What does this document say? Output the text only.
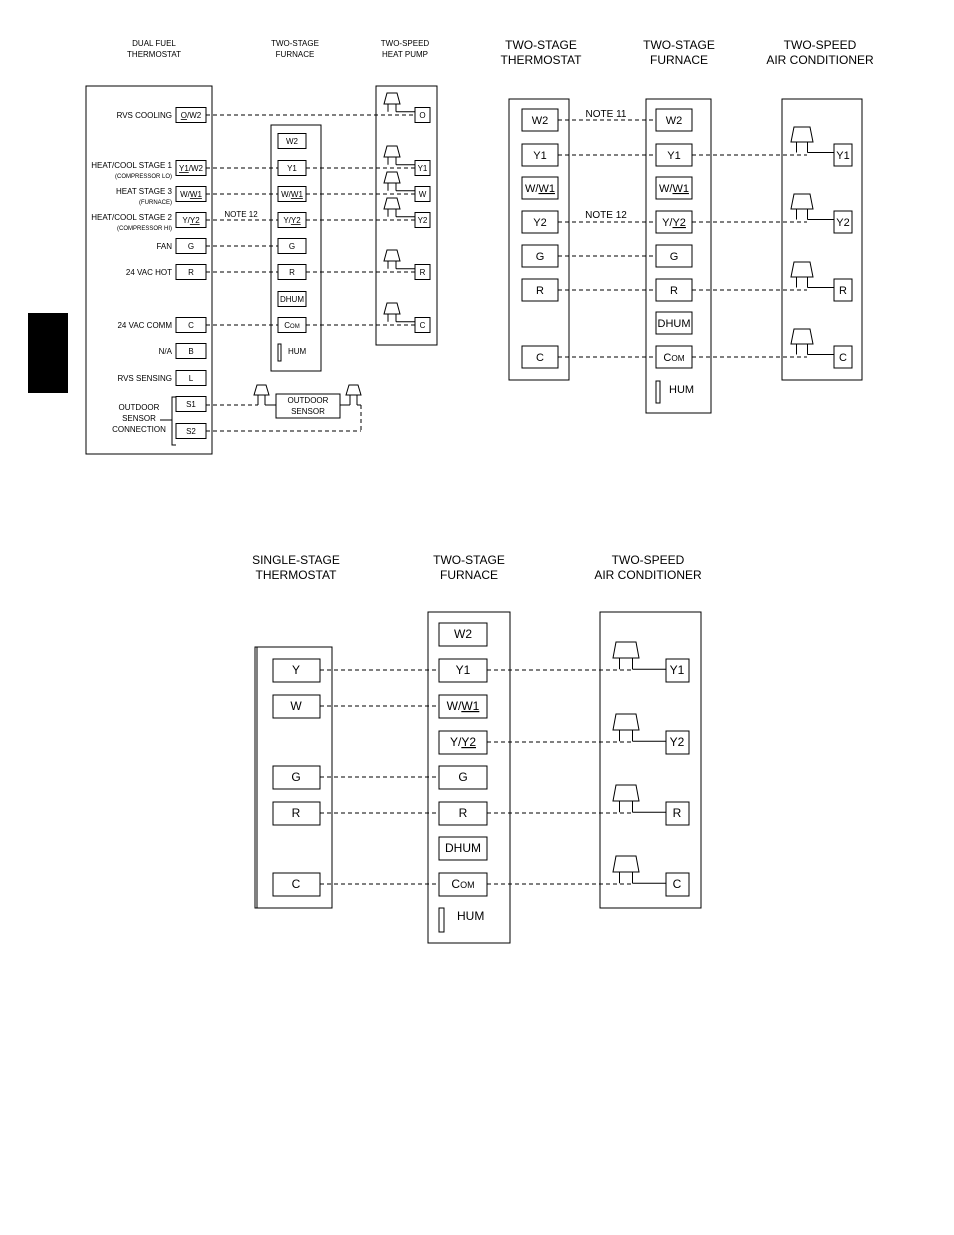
DUAL FUEL
THERMOSTAT
TWO-STAGE
FURNACE
TWO-SPEED
HEAT PUMP
O/W2
RVS COOLING
Y1/W2
HEAT/COOL STAGE 1
(COMPRESSOR LO)
W/W1
HEAT STAGE 3
(FURNACE)
Y/Y2
HEAT/COOL STAGE 2
(COMPRESSOR HI)
G
FAN
R
24 VAC HOT
C
24 VAC COMM
B
N/A
L
RVS SENSING
S1
S2
OUTDOOR
SENSOR
CONNECTION
W2
Y1
W/W1
Y/Y2
G
R
DHUM
COM
HUM
O
Y1
W
Y2
R
C
NOTE 12
OUTDOOR
SENSOR
TWO-STAGE
THERMOSTAT
TWO-STAGE
FURNACE
TWO-SPEED
AIR CONDITIONER
W2
Y1
W/W1
Y2
G
R
C
W2
Y1
W/W1
Y/Y2
G
R
DHUM
COM
HUM
Y1
Y2
R
C
NOTE 11
NOTE 12
SINGLE-STAGE
THERMOSTAT
TWO-STAGE
FURNACE
TWO-SPEED
AIR CONDITIONER
Y
W
G
R
C
W2
Y1
W/W1
Y/Y2
G
R
DHUM
COM
HUM
Y1
Y2
R
C
